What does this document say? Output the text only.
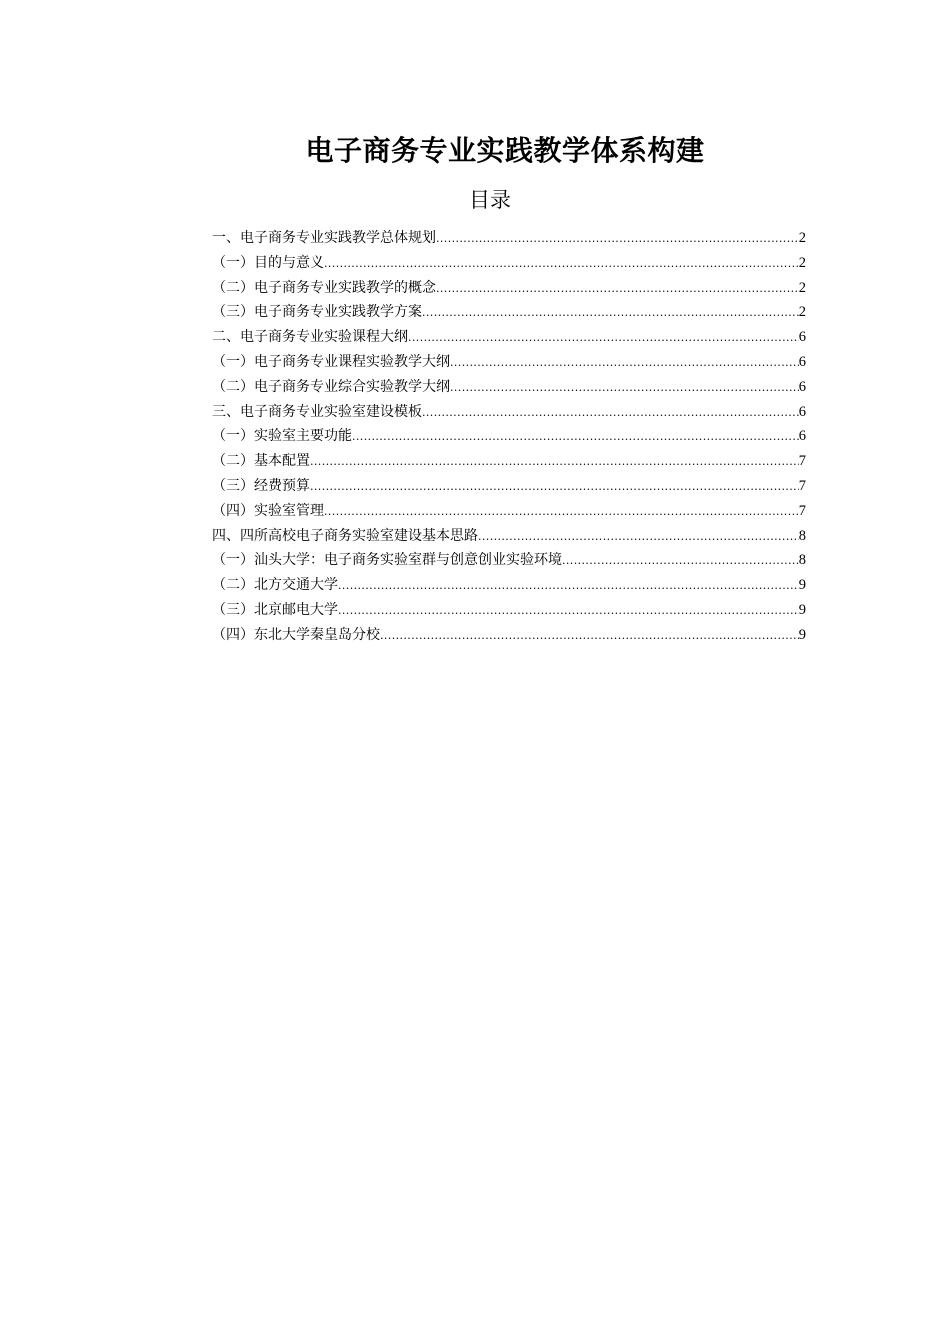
电子商务专业实践教学体系构建
目录
一、电子商务专业实践教学总体规划 .....	2
（一）目的与意义 .....	2
（二）电子商务专业实践教学的概念 .....	2
（三）电子商务专业实践教学方案 .....	2
二、电子商务专业实验课程大纲 .....	6
（一）电子商务专业课程实验教学大纲 .....	6
（二）电子商务专业综合实验教学大纲 .....	6
三、电子商务专业实验室建设模板 .....	6
（一）实验室主要功能 .....	6
（二）基本配置 .....	7
（三）经费预算 .....	7
（四）实验室管理 .....	7
四、四所高校电子商务实验室建设基本思路 .....	8
（一）汕头大学：电子商务实验室群与创意创业实验环境 .....	8
（二）北方交通大学 .....	9
（三）北京邮电大学 .....	9
（四）东北大学秦皇岛分校 .....	9
